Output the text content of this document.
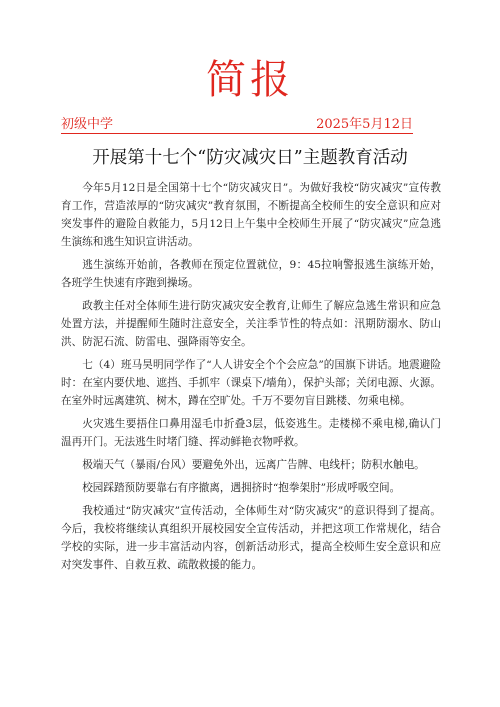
简报
初级中学	2025年5月12日
开展第十七个“防灾减灾日”主题教育活动

今年5月12日是全国第十七个“防灾减灾日”。为做好我校“防灾减灾”宣传教育工作，营造浓厚的“防灾减灾”教育氛围，不断提高全校师生的安全意识和应对突发事件的避险自救能力，5月12日上午集中全校师生开展了“防灾减灾”应急逃生演练和逃生知识宣讲活动。

逃生演练开始前，各教师在预定位置就位，9：45拉响警报逃生演练开始，各班学生快速有序跑到操场。

政教主任对全体师生进行防灾减灾安全教育,让师生了解应急逃生常识和应急处置方法，并提醒师生随时注意安全，关注季节性的特点如：汛期防溺水、防山洪、防泥石流、防雷电、强降雨等安全。

七（4）班马昊明同学作了“人人讲安全个个会应急”的国旗下讲话。地震避险时：在室内要伏地、遮挡、手抓牢（课桌下/墙角），保护头部；关闭电源、火源。在室外时远离建筑、树木，蹲在空旷处。千万不要勿盲目跳楼、勿乘电梯。

火灾逃生要捂住口鼻用湿毛巾折叠3层，低姿逃生。走楼梯不乘电梯,确认门温再开门。无法逃生时堵门缝、挥动鲜艳衣物呼救。

极端天气（暴雨/台风）要避免外出，远离广告牌、电线杆；防积水触电。

校园踩踏预防要靠右有序撤离，遇拥挤时“抱拳架肘”形成呼吸空间。

我校通过“防灾减灾”宣传活动，全体师生对“防灾减灾”的意识得到了提高。今后，我校将继续认真组织开展校园安全宣传活动，并把这项工作常规化，结合学校的实际，进一步丰富活动内容，创新活动形式，提高全校师生安全意识和应对突发事件、自救互救、疏散救援的能力。
